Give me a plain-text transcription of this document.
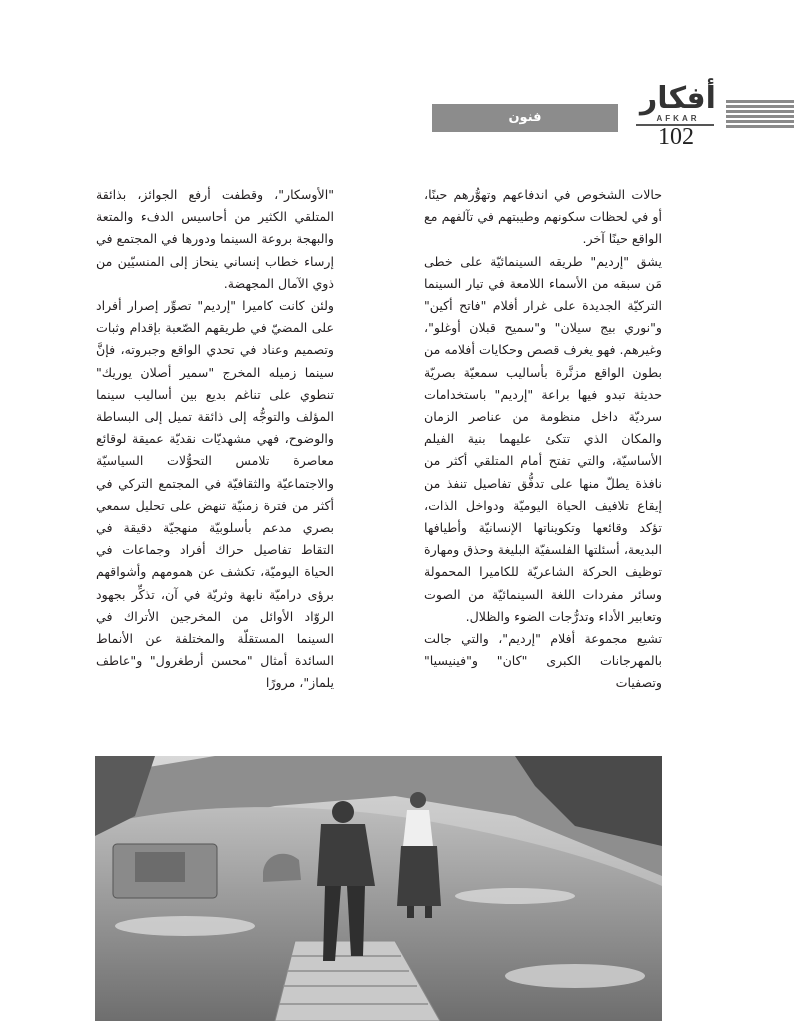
أفكار
AFKAR
102
فنون

حالات الشخوص في اندفاعهم وتهوُّرهم حينًا، أو في لحظات سكونهم وطيبتهم في تآلفهم مع الواقع حينًا آخر.

يشق "إرديم" طريقه السينمائيّة على خطى مَن سبقه من الأسماء اللامعة في تيار السينما التركيّة الجديدة على غرار أفلام "فاتح أكين" و"نوري بيج سيلان" و"سميح قبلان أوغلو"، وغيرهم. فهو يغرف قصص وحكايات أفلامه من بطون الواقع مزنَّرة بأساليب سمعيّة بصريّة حديثة تبدو فيها براعة "إرديم" باستخدامات سرديّة داخل منظومة من عناصر الزمان والمكان الذي تتكئ عليهما بنية الفيلم الأساسيّة، والتي تفتح أمام المتلقي أكثر من نافذة يطلّ منها على تدفُّق تفاصيل تنفذ من إيقاع تلافيف الحياة اليوميّة ودواخل الذات، تؤكد وقائعها وتكويناتها الإنسانيّة وأطيافها البديعة، أسئلتها الفلسفيّة البليغة وحذق ومهارة توظيف الحركة الشاعريّة للكاميرا المحمولة وسائر مفردات اللغة السينمائيّة من الصوت وتعابير الأداء وتدرُّجات الضوء والظلال.

تشيع مجموعة أفلام "إرديم"، والتي جالت بالمهرجانات الكبرى "كان" و"فينيسيا" وتصفيات

"الأوسكار"، وقطفت أرفع الجوائز، بذائقة المتلقي الكثير من أحاسيس الدفء والمتعة والبهجة بروعة السينما ودورها في المجتمع في إرساء خطاب إنساني ينحاز إلى المنسيّين من ذوي الآمال المجهضة.

ولئن كانت كاميرا "إرديم" تصوِّر إصرار أفراد على المضيّ في طريقهم الصّعبة بإقدام وثبات وتصميم وعناد في تحدي الواقع وجبروته، فإنَّ سينما زميله المخرج "سمير أصلان يوريك" تنطوي على تناغم بديع بين أساليب سينما المؤلف والتوجُّه إلى ذائقة تميل إلى البساطة والوضوح، فهي مشهديّات نقديّة عميقة لوقائع معاصرة تلامس التحوُّلات السياسيّة والاجتماعيّة والثقافيّة في المجتمع التركي في أكثر من فترة زمنيّة تنهض على تحليل سمعي بصري مدعم بأسلوبيّة منهجيّة دقيقة في التقاط تفاصيل حراك أفراد وجماعات في الحياة اليوميّة، تكشف عن همومهم وأشواقهم برؤى دراميّة نابهة وثريّة في آن، تذكِّر بجهود الروّاد الأوائل من المخرجين الأتراك في السينما المستقلّة والمختلفة عن الأنماط السائدة أمثال "محسن أرطغرول" و"عاطف يلماز"، مرورًا
